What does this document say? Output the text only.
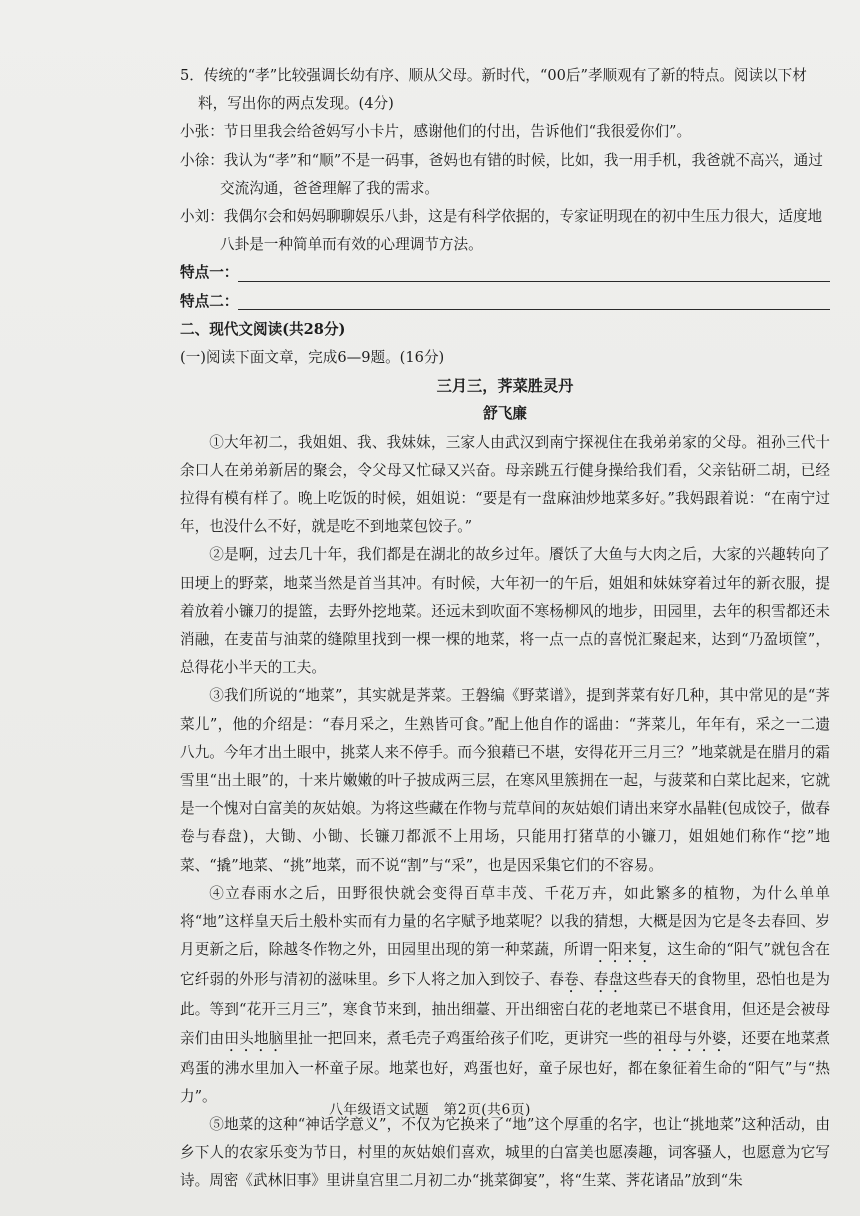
5．传统的“孝”比较强调长幼有序、顺从父母。新时代，“00后”孝顺观有了新的特点。阅读以下材料，写出你的两点发现。(4分)

小张：节日里我会给爸妈写小卡片，感谢他们的付出，告诉他们“我很爱你们”。

小徐：我认为“孝”和“顺”不是一码事，爸妈也有错的时候，比如，我一用手机，我爸就不高兴，通过交流沟通，爸爸理解了我的需求。

小刘：我偶尔会和妈妈聊聊娱乐八卦，这是有科学依据的，专家证明现在的初中生压力很大，适度地八卦是一种简单而有效的心理调节方法。

特点一：
特点二：

二、现代文阅读(共28分)

(一)阅读下面文章，完成6—9题。(16分)

三月三，荠菜胜灵丹

舒飞廉

①大年初二，我姐姐、我、我妹妹，三家人由武汉到南宁探视住在我弟弟家的父母。祖孙三代十余口人在弟弟新居的聚会，令父母又忙碌又兴奋。母亲跳五行健身操给我们看，父亲钻研二胡，已经拉得有模有样了。晚上吃饭的时候，姐姐说：“要是有一盘麻油炒地菜多好。”我妈跟着说：“在南宁过年，也没什么不好，就是吃不到地菜包饺子。”

②是啊，过去几十年，我们都是在湖北的故乡过年。餍饫了大鱼与大肉之后，大家的兴趣转向了田埂上的野菜，地菜当然是首当其冲。有时候，大年初一的午后，姐姐和妹妹穿着过年的新衣服，提着放着小镰刀的提篮，去野外挖地菜。还远未到吹面不寒杨柳风的地步，田园里，去年的积雪都还未消融，在麦苗与油菜的缝隙里找到一棵一棵的地菜，将一点一点的喜悦汇聚起来，达到“乃盈顷筐”，总得花小半天的工夫。

③我们所说的“地菜”，其实就是荠菜。王磐编《野菜谱》，提到荠菜有好几种，其中常见的是“荠菜儿”，他的介绍是：“春月采之，生熟皆可食。”配上他自作的谣曲：“荠菜儿，年年有，采之一二遗八九。今年才出土眼中，挑菜人来不停手。而今狼藉已不堪，安得花开三月三？”地菜就是在腊月的霜雪里“出土眼”的，十来片嫩嫩的叶子披成两三层，在寒风里簇拥在一起，与菠菜和白菜比起来，它就是一个愧对白富美的灰姑娘。为将这些藏在作物与荒草间的灰姑娘们请出来穿水晶鞋(包成饺子，做春卷与春盘)，大锄、小锄、长镰刀都派不上用场，只能用打猪草的小镰刀，姐姐她们称作“挖”地菜、“撬”地菜、“挑”地菜，而不说“割”与“采”，也是因采集它们的不容易。

④立春雨水之后，田野很快就会变得百草丰茂、千花万卉，如此繁多的植物，为什么单单将“地”这样皇天后土般朴实而有力量的名字赋予地菜呢？以我的猜想，大概是因为它是冬去春回、岁月更新之后，除越冬作物之外，田园里出现的第一种菜蔬，所谓一阳来复，这生命的“阳气”就包含在它纤弱的外形与清初的滋味里。乡下人将之加入到饺子、春卷、春盘这些春天的食物里，恐怕也是为此。等到“花开三月三”，寒食节来到，抽出细薹、开出细密白花的老地菜已不堪食用，但还是会被母亲们由田头地脑里扯一把回来，煮毛壳子鸡蛋给孩子们吃，更讲究一些的祖母与外婆，还要在地菜煮鸡蛋的沸水里加入一杯童子尿。地菜也好，鸡蛋也好，童子尿也好，都在象征着生命的“阳气”与“热力”。

⑤地菜的这种“神话学意义”，不仅为它换来了“地”这个厚重的名字，也让“挑地菜”这种活动，由乡下人的农家乐变为节日，村里的灰姑娘们喜欢，城里的白富美也愿凑趣，词客骚人，也愿意为它写诗。周密《武林旧事》里讲皇宫里二月初二办“挑菜御宴”，将“生菜、荠花诸品”放到“朱

八年级语文试题　第2页(共6页)
